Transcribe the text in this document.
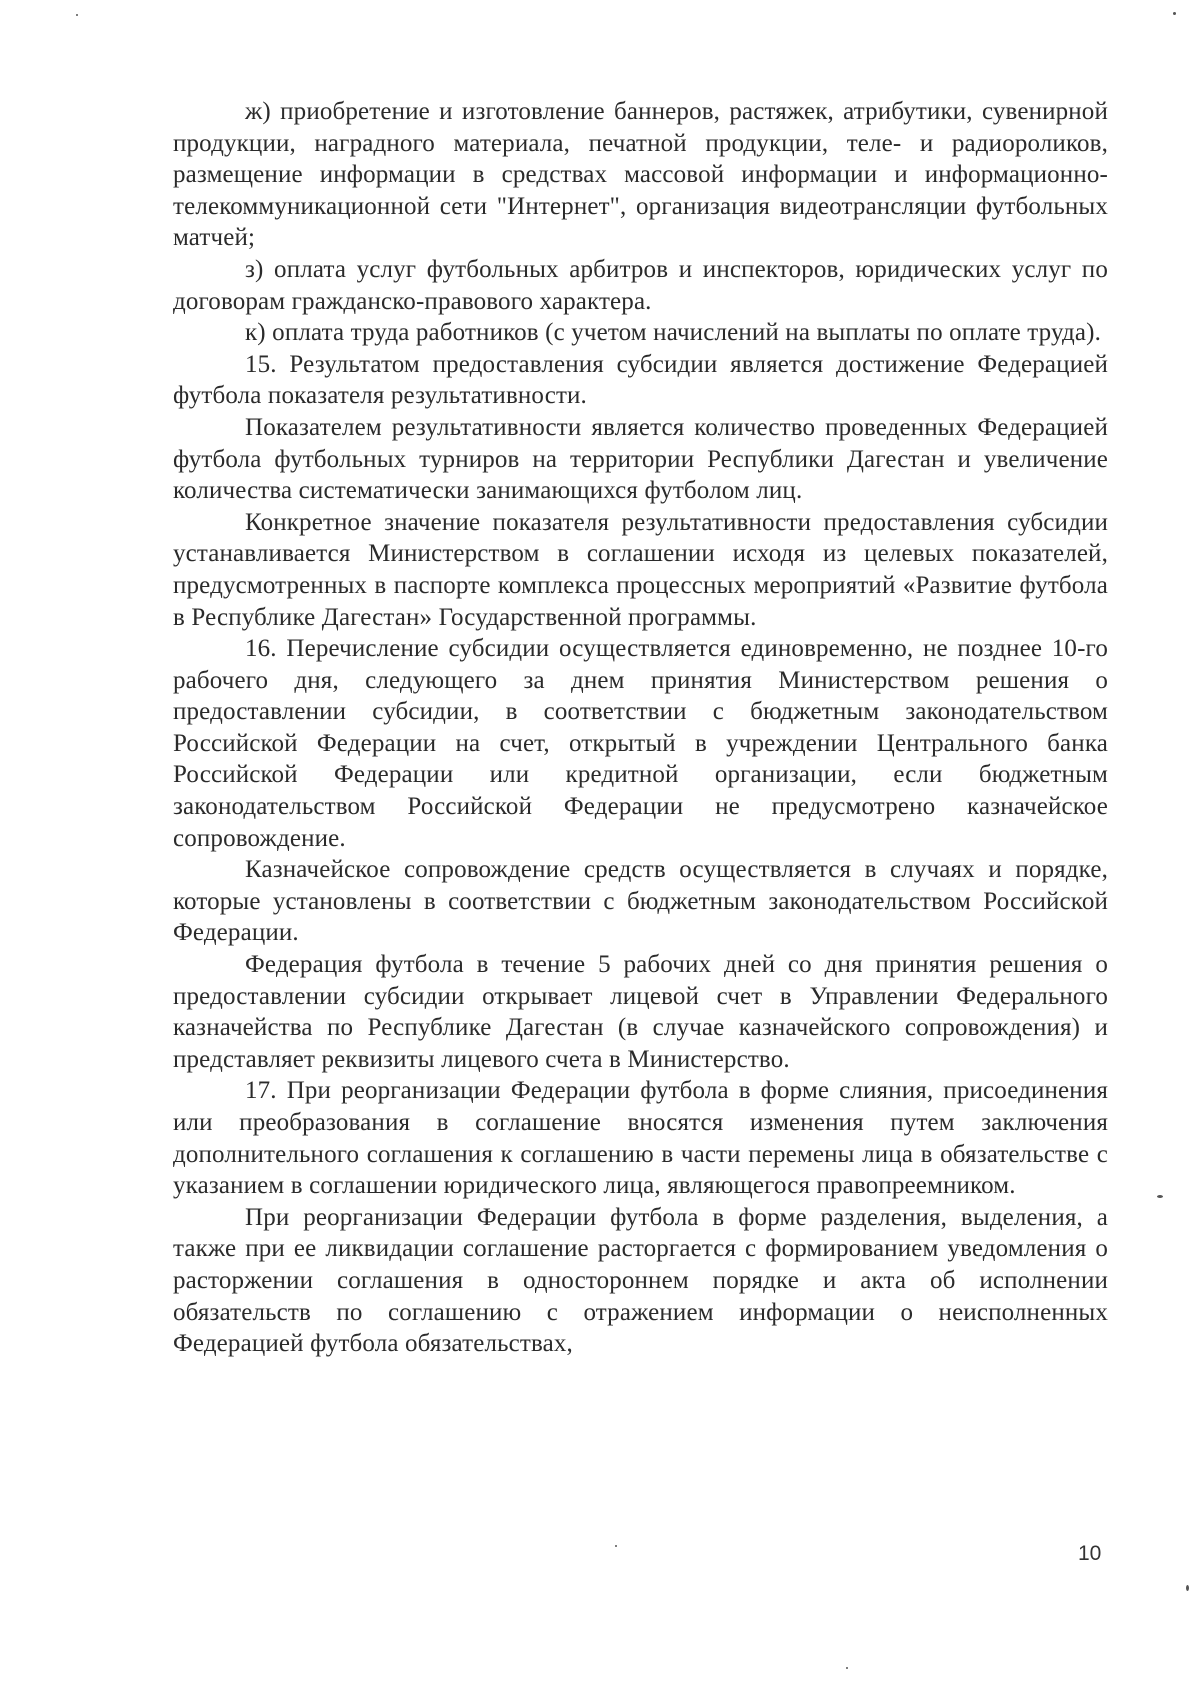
ж) приобретение и изготовление баннеров, растяжек, атрибутики, сувенирной продукции, наградного материала, печатной продукции, теле- и радиороликов, размещение информации в средствах массовой информации и информационно-телекоммуникационной сети "Интернет", организация видеотрансляции футбольных матчей;

з) оплата услуг футбольных арбитров и инспекторов, юридических услуг по договорам гражданско-правового характера.

к) оплата труда работников (с учетом начислений на выплаты по оплате труда).

15. Результатом предоставления субсидии является достижение Федерацией футбола показателя результативности.

Показателем результативности является количество проведенных Федерацией футбола футбольных турниров на территории Республики Дагестан и увеличение количества систематически занимающихся футболом лиц.

Конкретное значение показателя результативности предоставления субсидии устанавливается Министерством в соглашении исходя из целевых показателей, предусмотренных в паспорте комплекса процессных мероприятий «Развитие футбола в Республике Дагестан» Государственной программы.

16. Перечисление субсидии осуществляется единовременно, не позднее 10-го рабочего дня, следующего за днем принятия Министерством решения о предоставлении субсидии, в соответствии с бюджетным законодательством Российской Федерации на счет, открытый в учреждении Центрального банка Российской Федерации или кредитной организации, если бюджетным законодательством Российской Федерации не предусмотрено казначейское сопровождение.

Казначейское сопровождение средств осуществляется в случаях и порядке, которые установлены в соответствии с бюджетным законодательством Российской Федерации.

Федерация футбола в течение 5 рабочих дней со дня принятия решения о предоставлении субсидии открывает лицевой счет в Управлении Федерального казначейства по Республике Дагестан (в случае казначейского сопровождения) и представляет реквизиты лицевого счета в Министерство.

17. При реорганизации Федерации футбола в форме слияния, присоединения или преобразования в соглашение вносятся изменения путем заключения дополнительного соглашения к соглашению в части перемены лица в обязательстве с указанием в соглашении юридического лица, являющегося правопреемником.

При реорганизации Федерации футбола в форме разделения, выделения, а также при ее ликвидации соглашение расторгается с формированием уведомления о расторжении соглашения в одностороннем порядке и акта об исполнении обязательств по соглашению с отражением информации о неисполненных Федерацией футбола обязательствах,

10
